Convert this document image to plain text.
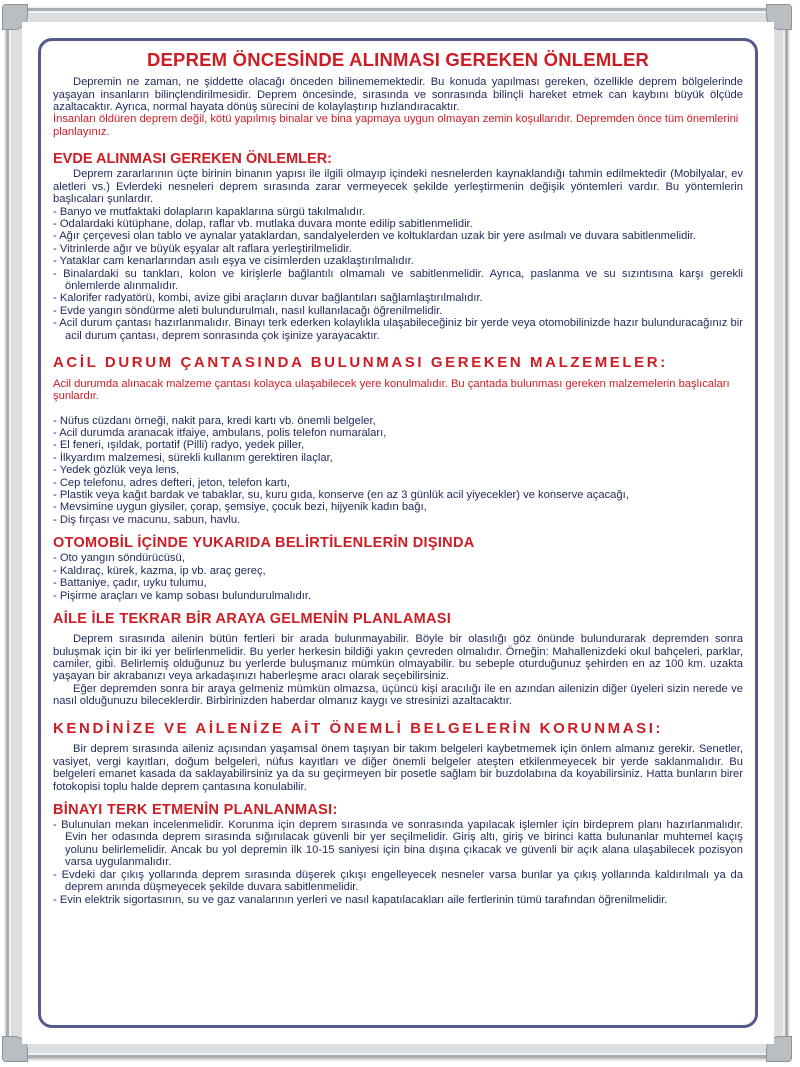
DEPREM ÖNCESİNDE ALINMASI GEREKEN ÖNLEMLER

Depremin ne zaman, ne şiddette olacağı önceden bilinememektedir. Bu konuda yapılması gereken, özellikle deprem bölgelerinde yaşayan insanların bilinçlendirilmesidir. Deprem öncesinde, sırasında ve sonrasında bilinçli hareket etmek can kaybını büyük ölçüde azaltacaktır. Ayrıca, normal hayata dönüş sürecini de kolaylaştırıp hızlandıracaktır.

İnsanları öldüren deprem değil, kötü yapılmış binalar ve bina yapmaya uygun olmayan zemin koşullarıdır. Depremden önce tüm önemlerini planlayınız.

EVDE ALINMASI GEREKEN ÖNLEMLER:

Deprem zararlarının üçte birinin binanın yapısı ile ilgili olmayıp içindeki nesnelerden kaynaklandığı tahmin edilmektedir (Mobilyalar, ev aletleri vs.) Evlerdeki nesneleri deprem sırasında zarar vermeyecek şekilde yerleştirmenin değişik yöntemleri vardır. Bu yöntemlerin başlıcaları şunlardır.

- Banyo ve mutfaktaki dolapların kapaklarına sürgü takılmalıdır.
- Odalardaki kütüphane, dolap, raflar vb. mutlaka duvara monte edilip sabitlenmelidir.
- Ağır çerçevesi olan tablo ve aynalar yataklardan, sandalyelerden ve koltuklardan uzak bir yere asılmalı ve duvara sabitlenmelidir.
- Vitrinlerde ağır ve büyük eşyalar alt raflara yerleştirilmelidir.
- Yataklar cam kenarlarından asılı eşya ve cisimlerden uzaklaştırılmalıdır.
- Binalardaki su tankları, kolon ve kirişlerle bağlantılı olmamalı ve sabitlenmelidir. Ayrıca, paslanma ve su sızıntısına karşı gerekli önlemlerde alınmalıdır.
- Kalorifer radyatörü, kombi, avize gibi araçların duvar bağlantıları sağlamlaştırılmalıdır.
- Evde yangın söndürme aleti bulundurulmalı, nasıl kullanılacağı öğrenilmelidir.
- Acil durum çantası hazırlanmalıdır. Binayı terk ederken kolaylıkla ulaşabileceğiniz bir yerde veya otomobilinizde hazır bulunduracağınız bir acil durum çantası, deprem sonrasında çok işinize yarayacaktır.
ACİL DURUM ÇANTASINDA BULUNMASI GEREKEN MALZEMELER:

Acil durumda alınacak malzeme çantası kolayca ulaşabilecek yere konulmalıdır. Bu çantada bulunması gereken malzemelerin başlıcaları şunlardır.

- Nüfus cüzdanı örneği, nakit para, kredi kartı vb. önemli belgeler,
- Acil durumda aranacak itfaiye, ambulans, polis telefon numaraları,
- El feneri, ışıldak, portatif (Pilli) radyo, yedek piller,
- İlkyardım malzemesi, sürekli kullanım gerektiren ilaçlar,
- Yedek gözlük veya lens,
- Cep telefonu, adres defteri, jeton, telefon kartı,
- Plastik veya kağıt bardak ve tabaklar, su, kuru gıda, konserve (en az 3 günlük acil yiyecekler) ve konserve açacağı,
- Mevsimine uygun giysiler, çorap, şemsiye, çocuk bezi, hijyenik kadın bağı,
- Diş fırçası ve macunu, sabun, havlu.
OTOMOBİL İÇİNDE YUKARIDA BELİRTİLENLERİN DIŞINDA
- Oto yangın söndürücüsü,
- Kaldıraç, kürek, kazma, ip vb. araç gereç,
- Battaniye, çadır, uyku tulumu,
- Pişirme araçları ve kamp sobası bulundurulmalıdır.
AİLE İLE TEKRAR BİR ARAYA GELMENİN PLANLAMASI

Deprem sırasında ailenin bütün fertleri bir arada bulunmayabilir. Böyle bir olasılığı göz önünde bulundurarak depremden sonra buluşmak için bir iki yer belirlenmelidir. Bu yerler herkesin bildiği yakın çevreden olmalıdır. Örneğin: Mahallenizdeki okul bahçeleri, parklar, camiler, gibi. Belirlemiş olduğunuz bu yerlerde buluşmanız mümkün olmayabilir. bu sebeple oturduğunuz şehirden en az 100 km. uzakta yaşayan bir akrabanızı veya arkadaşınızı haberleşme aracı olarak seçebilirsiniz.

Eğer depremden sonra bir araya gelmeniz mümkün olmazsa, üçüncü kişi aracılığı ile en azından ailenizin diğer üyeleri sizin nerede ve nasıl olduğunuzu bileceklerdir. Birbirinizden haberdar olmanız kaygı ve stresinizi azaltacaktır.

KENDİNİZE VE AİLENİZE AİT ÖNEMLİ BELGELERİN KORUNMASI:

Bir deprem sırasında aileniz açısından yaşamsal önem taşıyan bir takım belgeleri kaybetmemek için önlem almanız gerekir. Senetler, vasiyet, vergi kayıtları, doğum belgeleri, nüfus kayıtları ve diğer önemli belgeler ateşten etkilenmeyecek bir yerde saklanmalıdır. Bu belgeleri emanet kasada da saklayabilirsiniz ya da su geçirmeyen bir posetle sağlam bir buzdolabına da koyabilirsiniz. Hatta bunların birer fotokopisi toplu halde deprem çantasına konulabilir.

BİNAYI TERK ETMENİN PLANLANMASI:
- Bulunulan mekan incelenmelidir. Korunma için deprem sırasında ve sonrasında yapılacak işlemler için birdeprem planı hazırlanmalıdır. Evin her odasında deprem sırasında sığınılacak güvenli bir yer seçilmelidir. Giriş altı, giriş ve birinci katta bulunanlar muhtemel kaçış yolunu belirlemelidir. Ancak bu yol depremin ilk 10-15 saniyesi için bina dışına çıkacak ve güvenli bir açık alana ulaşabilecek pozisyon varsa uygulanmalıdır.
- Evdeki dar çıkış yollarında deprem sırasında düşerek çıkışı engelleyecek nesneler varsa bunlar ya çıkış yollarında kaldırılmalı ya da deprem anında düşmeyecek şekilde duvara sabitlenmelidir.
- Evin elektrik sigortasının, su ve gaz vanalarının yerleri ve nasıl kapatılacakları aile fertlerinin tümü tarafından öğrenilmelidir.
